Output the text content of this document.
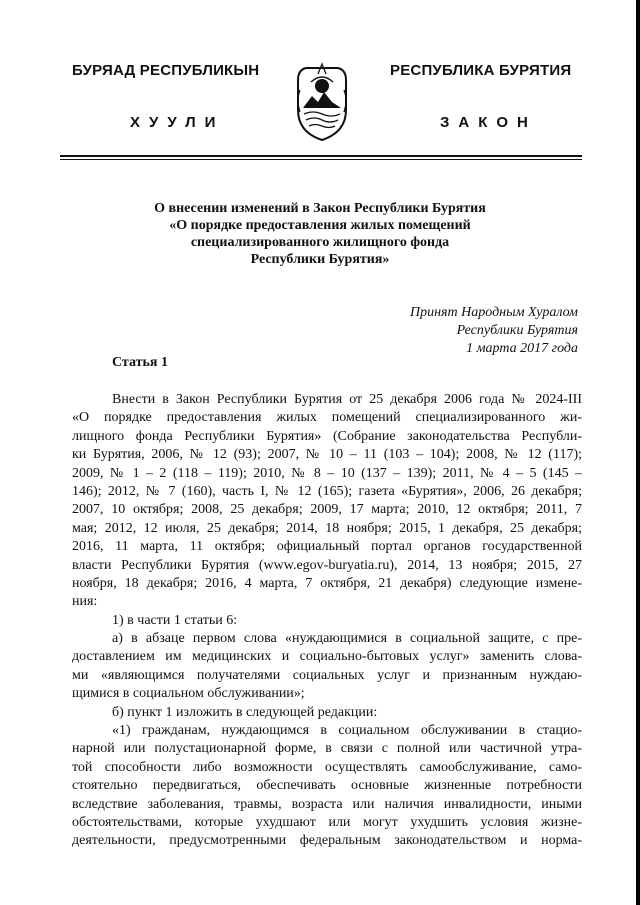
БУРЯАД РЕСПУБЛИКЫН	РЕСПУБЛИКА БУРЯТИЯ
ХУУЛИ	ЗАКОН
О внесении изменений в Закон Республики Бурятия
«О порядке предоставления жилых помещений
специализированного жилищного фонда
Республики Бурятия»
Принят Народным Хуралом
Республики Бурятия
1 марта 2017 года
Статья 1
Внести в Закон Республики Бурятия от 25 декабря 2006 года № 2024-III
«О порядке предоставления жилых помещений специализированного жи-
лищного фонда Республики Бурятия» (Собрание законодательства Республи-
ки Бурятия, 2006, № 12 (93); 2007, № 10 – 11 (103 – 104); 2008, № 12 (117);
2009, № 1 – 2 (118 – 119); 2010, № 8 – 10 (137 – 139); 2011, № 4 – 5 (145 –
146); 2012, № 7 (160), часть I, № 12 (165); газета «Бурятия», 2006, 26 декабря;
2007, 10 октября; 2008, 25 декабря; 2009, 17 марта; 2010, 12 октября; 2011, 7
мая; 2012, 12 июля, 25 декабря; 2014, 18 ноября; 2015, 1 декабря, 25 декабря;
2016, 11 марта, 11 октября; официальный портал органов государственной
власти Республики Бурятия (www.egov-buryatia.ru), 2014, 13 ноября; 2015, 27
ноября, 18 декабря; 2016, 4 марта, 7 октября, 21 декабря) следующие измене-
ния:
1) в части 1 статьи 6:
а) в абзаце первом слова «нуждающимися в социальной защите, с пре-
доставлением им медицинских и социально-бытовых услуг» заменить слова-
ми «являющимся получателями социальных услуг и признанным нуждаю-
щимися в социальном обслуживании»;
б) пункт 1 изложить в следующей редакции:
«1) гражданам, нуждающимся в социальном обслуживании в стацио-
нарной или полустационарной форме, в связи с полной или частичной утра-
той способности либо возможности осуществлять самообслуживание, само-
стоятельно передвигаться, обеспечивать основные жизненные потребности
вследствие заболевания, травмы, возраста или наличия инвалидности, иными
обстоятельствами, которые ухудшают или могут ухудшить условия жизне-
деятельности, предусмотренными федеральным законодательством и норма-
